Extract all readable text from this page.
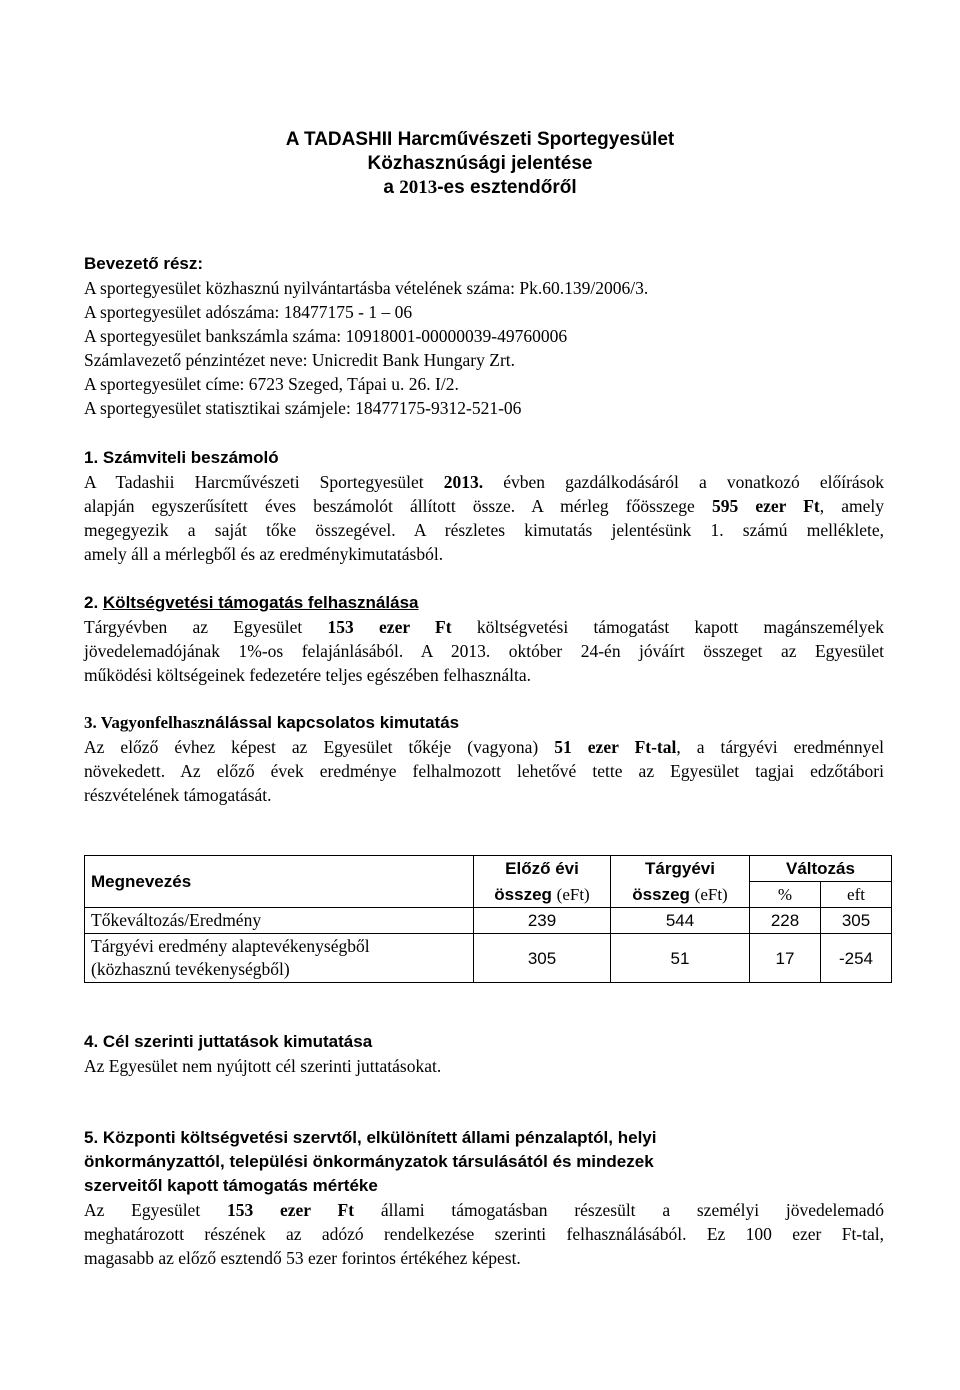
A TADASHII Harcművészeti Sportegyesület
Közhasznúsági jelentése
a 2013-es esztendőről
Bevezető rész:
A sportegyesület közhasznú nyilvántartásba vételének száma: Pk.60.139/2006/3.
A sportegyesület adószáma: 18477175 - 1 – 06
A sportegyesület bankszámla száma: 10918001-00000039-49760006
Számlavezető pénzintézet neve: Unicredit Bank Hungary Zrt.
A sportegyesület címe: 6723 Szeged, Tápai u. 26. I/2.
A sportegyesület statisztikai számjele: 18477175-9312-521-06
1. Számviteli beszámoló
A Tadashii Harcművészeti Sportegyesület 2013. évben gazdálkodásáról a vonatkozó előírások
alapján egyszerűsített éves beszámolót állított össze. A mérleg főösszege 595 ezer Ft, amely
megegyezik a saját tőke összegével. A részletes kimutatás jelentésünk 1. számú melléklete,
amely áll a mérlegből és az eredménykimutatásból.
2. Költségvetési támogatás felhasználása
Tárgyévben az Egyesület 153 ezer Ft költségvetési támogatást kapott magánszemélyek
jövedelemadójának 1%-os felajánlásából. A 2013. október 24-én jóváírt összeget az Egyesület
működési költségeinek fedezetére teljes egészében felhasználta.
3. Vagyonfelhasználással kapcsolatos kimutatás
Az előző évhez képest az Egyesület tőkéje (vagyona) 51 ezer Ft-tal, a tárgyévi eredménnyel
növekedett. Az előző évek eredménye felhalmozott lehetővé tette az Egyesület tagjai edzőtábori
részvételének támogatását.
Megnevezés	Előző évi	Tárgyévi	Változás	
	összeg (eFt)	összeg (eFt)	%	eft
Tőkeváltozás/Eredmény	239	544	228	305

Tárgyévi eredmény alaptevékenységből
(közhasznú tevékenységből)	305	51	17	-254
4. Cél szerinti juttatások kimutatása
Az Egyesület nem nyújtott cél szerinti juttatásokat.
5. Központi költségvetési szervtől, elkülönített állami pénzalaptól, helyi
önkormányzattól, települési önkormányzatok társulásától és mindezek
szerveitől kapott támogatás mértéke
Az Egyesület 153 ezer Ft állami támogatásban részesült a személyi jövedelemadó
meghatározott részének az adózó rendelkezése szerinti felhasználásából. Ez 100 ezer Ft-tal,
magasabb az előző esztendő 53 ezer forintos értékéhez képest.
